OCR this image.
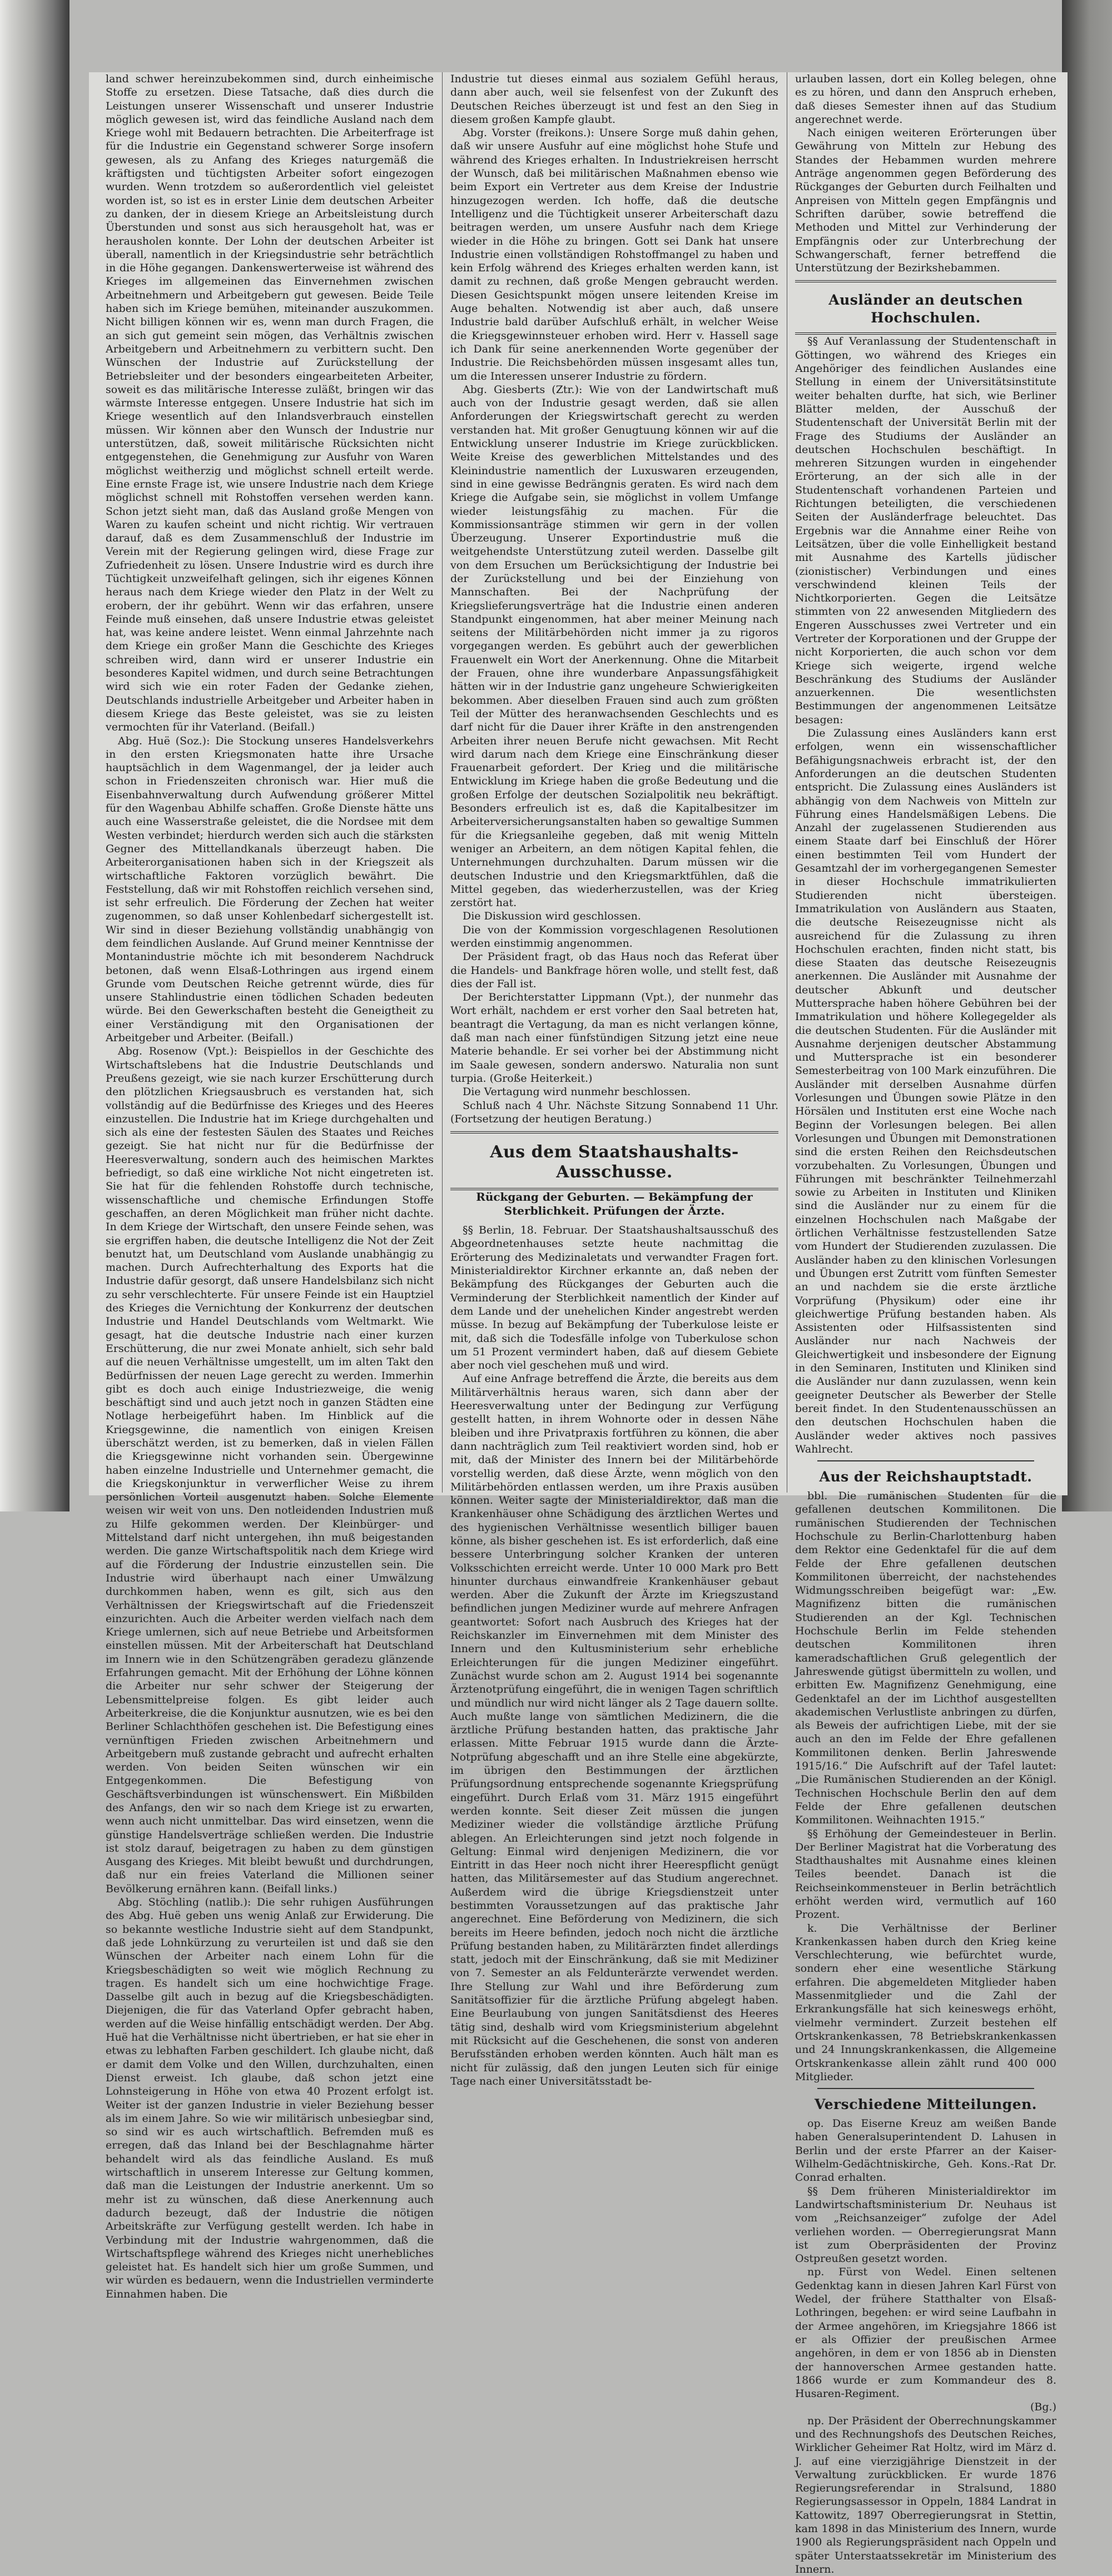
land schwer hereinzubekommen sind, durch einheimische Stoffe zu ersetzen. Diese Tatsache, daß dies durch die Leistungen unserer Wissenschaft und unserer Industrie möglich gewesen ist, wird das feindliche Ausland nach dem Kriege wohl mit Bedauern betrachten. Die Arbeiterfrage ist für die Industrie ein Gegenstand schwerer Sorge insofern gewesen, als zu Anfang des Krieges naturgemäß die kräftigsten und tüchtigsten Arbeiter sofort eingezogen wurden. Wenn trotzdem so außerordentlich viel geleistet worden ist, so ist es in erster Linie dem deutschen Arbeiter zu danken, der in diesem Kriege an Arbeitsleistung durch Überstunden und sonst aus sich herausgeholt hat, was er herausholen konnte. Der Lohn der deutschen Arbeiter ist überall, namentlich in der Kriegsindustrie sehr beträchtlich in die Höhe gegangen. Dankenswerterweise ist während des Krieges im allgemeinen das Einvernehmen zwischen Arbeitnehmern und Arbeitgebern gut gewesen. Beide Teile haben sich im Kriege bemühen, miteinander auszukommen. Nicht billigen können wir es, wenn man durch Fragen, die an sich gut gemeint sein mögen, das Verhältnis zwischen Arbeitgebern und Arbeitnehmern zu verbittern sucht. Den Wünschen der Industrie auf Zurückstellung der Betriebsleiter und der besonders eingearbeiteten Arbeiter, soweit es das militärische Interesse zuläßt, bringen wir das wärmste Interesse entgegen. Unsere Industrie hat sich im Kriege wesentlich auf den Inlandsverbrauch einstellen müssen. Wir können aber den Wunsch der Industrie nur unterstützen, daß, soweit militärische Rücksichten nicht entgegenstehen, die Genehmigung zur Ausfuhr von Waren möglichst weitherzig und möglichst schnell erteilt werde. Eine ernste Frage ist, wie unsere Industrie nach dem Kriege möglichst schnell mit Rohstoffen versehen werden kann. Schon jetzt sieht man, daß das Ausland große Mengen von Waren zu kaufen scheint und nicht richtig. Wir vertrauen darauf, daß es dem Zusammenschluß der Industrie im Verein mit der Regierung gelingen wird, diese Frage zur Zufriedenheit zu lösen. Unsere Industrie wird es durch ihre Tüchtigkeit unzweifelhaft gelingen, sich ihr eigenes Können heraus nach dem Kriege wieder den Platz in der Welt zu erobern, der ihr gebührt. Wenn wir das erfahren, unsere Feinde muß einsehen, daß unsere Industrie etwas geleistet hat, was keine andere leistet. Wenn einmal Jahrzehnte nach dem Kriege ein großer Mann die Geschichte des Krieges schreiben wird, dann wird er unserer Industrie ein besonderes Kapitel widmen, und durch seine Betrachtungen wird sich wie ein roter Faden der Gedanke ziehen, Deutschlands industrielle Arbeitgeber und Arbeiter haben in diesem Kriege das Beste geleistet, was sie zu leisten vermochten für ihr Vaterland. (Beifall.)

Abg. Huë (Soz.): Die Stockung unseres Handelsverkehrs in den ersten Kriegsmonaten hatte ihre Ursache hauptsächlich in dem Wagenmangel, der ja leider auch schon in Friedenszeiten chronisch war. Hier muß die Eisenbahnverwaltung durch Aufwendung größerer Mittel für den Wagenbau Abhilfe schaffen. Große Dienste hätte uns auch eine Wasserstraße geleistet, die die Nordsee mit dem Westen verbindet; hierdurch werden sich auch die stärksten Gegner des Mittellandkanals überzeugt haben. Die Arbeiterorganisationen haben sich in der Kriegszeit als wirtschaftliche Faktoren vorzüglich bewährt. Die Feststellung, daß wir mit Rohstoffen reichlich versehen sind, ist sehr erfreulich. Die Förderung der Zechen hat weiter zugenommen, so daß unser Kohlenbedarf sichergestellt ist. Wir sind in dieser Beziehung vollständig unabhängig von dem feindlichen Auslande. Auf Grund meiner Kenntnisse der Montanindustrie möchte ich mit besonderem Nachdruck betonen, daß wenn Elsaß-Lothringen aus irgend einem Grunde vom Deutschen Reiche getrennt würde, dies für unsere Stahlindustrie einen tödlichen Schaden bedeuten würde. Bei den Gewerkschaften besteht die Geneigtheit zu einer Verständigung mit den Organisationen der Arbeitgeber und Arbeiter. (Beifall.)

Abg. Rosenow (Vpt.): Beispiellos in der Geschichte des Wirtschaftslebens hat die Industrie Deutschlands und Preußens gezeigt, wie sie nach kurzer Erschütterung durch den plötzlichen Kriegsausbruch es verstanden hat, sich vollständig auf die Bedürfnisse des Krieges und des Heeres einzustellen. Die Industrie hat im Kriege durchgehalten und sich als eine der festesten Säulen des Staates und Reiches gezeigt. Sie hat nicht nur für die Bedürfnisse der Heeresverwaltung, sondern auch des heimischen Marktes befriedigt, so daß eine wirkliche Not nicht eingetreten ist. Sie hat für die fehlenden Rohstoffe durch technische, wissenschaftliche und chemische Erfindungen Stoffe geschaffen, an deren Möglichkeit man früher nicht dachte. In dem Kriege der Wirtschaft, den unsere Feinde sehen, was sie ergriffen haben, die deutsche Intelligenz die Not der Zeit benutzt hat, um Deutschland vom Auslande unabhängig zu machen. Durch Aufrechterhaltung des Exports hat die Industrie dafür gesorgt, daß unsere Handelsbilanz sich nicht zu sehr verschlechterte. Für unsere Feinde ist ein Hauptziel des Krieges die Vernichtung der Konkurrenz der deutschen Industrie und Handel Deutschlands vom Weltmarkt. Wie gesagt, hat die deutsche Industrie nach einer kurzen Erschütterung, die nur zwei Monate anhielt, sich sehr bald auf die neuen Verhältnisse umgestellt, um im alten Takt den Bedürfnissen der neuen Lage gerecht zu werden. Immerhin gibt es doch auch einige Industriezweige, die wenig beschäftigt sind und auch jetzt noch in ganzen Städten eine Notlage herbeigeführt haben. Im Hinblick auf die Kriegsgewinne, die namentlich von einigen Kreisen überschätzt werden, ist zu bemerken, daß in vielen Fällen die Kriegsgewinne nicht vorhanden sein. Übergewinne haben einzelne Industrielle und Unternehmer gemacht, die die Kriegskonjunktur in verwerflicher Weise zu ihrem persönlichen Vorteil ausgenutzt haben. Solche Elemente weisen wir weit von uns. Den notleidenden Industrien muß zu Hilfe gekommen werden. Der Kleinbürger- und Mittelstand darf nicht untergehen, ihn muß beigestanden werden. Die ganze Wirtschaftspolitik nach dem Kriege wird auf die Förderung der Industrie einzustellen sein. Die Industrie wird überhaupt nach einer Umwälzung durchkommen haben, wenn es gilt, sich aus den Verhältnissen der Kriegswirtschaft auf die Friedenszeit einzurichten. Auch die Arbeiter werden vielfach nach dem Kriege umlernen, sich auf neue Betriebe und Arbeitsformen einstellen müssen. Mit der Arbeiterschaft hat Deutschland im Innern wie in den Schützengräben geradezu glänzende Erfahrungen gemacht. Mit der Erhöhung der Löhne können die Arbeiter nur sehr schwer der Steigerung der Lebensmittelpreise folgen. Es gibt leider auch Arbeiterkreise, die die Konjunktur ausnutzen, wie es bei den Berliner Schlachthöfen geschehen ist. Die Befestigung eines vernünftigen Frieden zwischen Arbeitnehmern und Arbeitgebern muß zustande gebracht und aufrecht erhalten werden. Von beiden Seiten wünschen wir ein Entgegenkommen. Die Befestigung von Geschäftsverbindungen ist wünschenswert. Ein Mißbilden des Anfangs, den wir so nach dem Kriege ist zu erwarten, wenn auch nicht unmittelbar. Das wird einsetzen, wenn die günstige Handelsverträge schließen werden. Die Industrie ist stolz darauf, beigetragen zu haben zu dem günstigen Ausgang des Krieges. Mit bleibt bewußt und durchdrungen, daß nur ein freies Vaterland die Millionen seiner Bevölkerung ernähren kann. (Beifall links.)

Abg. Stöchling (natlib.): Die sehr ruhigen Ausführungen des Abg. Huë geben uns wenig Anlaß zur Erwiderung. Die so bekannte westliche Industrie sieht auf dem Standpunkt, daß jede Lohnkürzung zu verurteilen ist und daß sie den Wünschen der Arbeiter nach einem Lohn für die Kriegsbeschädigten so weit wie möglich Rechnung zu tragen. Es handelt sich um eine hochwichtige Frage. Dasselbe gilt auch in bezug auf die Kriegsbeschädigten. Diejenigen, die für das Vaterland Opfer gebracht haben, werden auf die Weise hinfällig entschädigt werden. Der Abg. Huë hat die Verhältnisse nicht übertrieben, er hat sie eher in etwas zu lebhaften Farben geschildert. Ich glaube nicht, daß er damit dem Volke und den Willen, durchzuhalten, einen Dienst erweist. Ich glaube, daß schon jetzt eine Lohnsteigerung in Höhe von etwa 40 Prozent erfolgt ist. Weiter ist der ganzen Industrie in vieler Beziehung besser als im einem Jahre. So wie wir militärisch unbesiegbar sind, so sind wir es auch wirtschaftlich. Befremden muß es erregen, daß das Inland bei der Beschlagnahme härter behandelt wird als das feindliche Ausland. Es muß wirtschaftlich in unserem Interesse zur Geltung kommen, daß man die Leistungen der Industrie anerkennt. Um so mehr ist zu wünschen, daß diese Anerkennung auch dadurch bezeugt, daß der Industrie die nötigen Arbeitskräfte zur Verfügung gestellt werden. Ich habe in Verbindung mit der Industrie wahrgenommen, daß die Wirtschaftspflege während des Krieges nicht unerhebliches geleistet hat. Es handelt sich hier um große Summen, und wir würden es bedauern, wenn die Industriellen verminderte Einnahmen haben. Die

Industrie tut dieses einmal aus sozialem Gefühl heraus, dann aber auch, weil sie felsenfest von der Zukunft des Deutschen Reiches überzeugt ist und fest an den Sieg in diesem großen Kampfe glaubt.

Abg. Vorster (freikons.): Unsere Sorge muß dahin gehen, daß wir unsere Ausfuhr auf eine möglichst hohe Stufe und während des Krieges erhalten. In Industriekreisen herrscht der Wunsch, daß bei militärischen Maßnahmen ebenso wie beim Export ein Vertreter aus dem Kreise der Industrie hinzugezogen werden. Ich hoffe, daß die deutsche Intelligenz und die Tüchtigkeit unserer Arbeiterschaft dazu beitragen werden, um unsere Ausfuhr nach dem Kriege wieder in die Höhe zu bringen. Gott sei Dank hat unsere Industrie einen vollständigen Rohstoffmangel zu haben und kein Erfolg während des Krieges erhalten werden kann, ist damit zu rechnen, daß große Mengen gebraucht werden. Diesen Gesichtspunkt mögen unsere leitenden Kreise im Auge behalten. Notwendig ist aber auch, daß unsere Industrie bald darüber Aufschluß erhält, in welcher Weise die Kriegsgewinnsteuer erhoben wird. Herr v. Hassell sage ich Dank für seine anerkennenden Worte gegenüber der Industrie. Die Reichsbehörden müssen insgesamt alles tun, um die Interessen unserer Industrie zu fördern.

Abg. Giesberts (Ztr.): Wie von der Landwirtschaft muß auch von der Industrie gesagt werden, daß sie allen Anforderungen der Kriegswirtschaft gerecht zu werden verstanden hat. Mit großer Genugtuung können wir auf die Entwicklung unserer Industrie im Kriege zurückblicken. Weite Kreise des gewerblichen Mittelstandes und des Kleinindustrie namentlich der Luxuswaren erzeugenden, sind in eine gewisse Bedrängnis geraten. Es wird nach dem Kriege die Aufgabe sein, sie möglichst in vollem Umfange wieder leistungsfähig zu machen. Für die Kommissionsanträge stimmen wir gern in der vollen Überzeugung. Unserer Exportindustrie muß die weitgehendste Unterstützung zuteil werden. Dasselbe gilt von dem Ersuchen um Berücksichtigung der Industrie bei der Zurückstellung und bei der Einziehung von Mannschaften. Bei der Nachprüfung der Kriegslieferungsverträge hat die Industrie einen anderen Standpunkt eingenommen, hat aber meiner Meinung nach seitens der Militärbehörden nicht immer ja zu rigoros vorgegangen werden. Es gebührt auch der gewerblichen Frauenwelt ein Wort der Anerkennung. Ohne die Mitarbeit der Frauen, ohne ihre wunderbare Anpassungsfähigkeit hätten wir in der Industrie ganz ungeheure Schwierigkeiten bekommen. Aber dieselben Frauen sind auch zum größten Teil der Mütter des heranwachsenden Geschlechts und es darf nicht für die Dauer ihrer Kräfte in den anstrengenden Arbeiten ihrer neuen Berufe nicht gewachsen. Mit Recht wird darum nach dem Kriege eine Einschränkung dieser Frauenarbeit gefordert. Der Krieg und die militärische Entwicklung im Kriege haben die große Bedeutung und die großen Erfolge der deutschen Sozialpolitik neu bekräftigt. Besonders erfreulich ist es, daß die Kapitalbesitzer im Arbeiterversicherungsanstalten haben so gewaltige Summen für die Kriegsanleihe gegeben, daß mit wenig Mitteln weniger an Arbeitern, an dem nötigen Kapital fehlen, die Unternehmungen durchzuhalten. Darum müssen wir die deutschen Industrie und den Kriegsmarktfühlen, daß die Mittel gegeben, das wiederherzustellen, was der Krieg zerstört hat.

Die Diskussion wird geschlossen.

Die von der Kommission vorgeschlagenen Resolutionen werden einstimmig angenommen.

Der Präsident fragt, ob das Haus noch das Referat über die Handels- und Bankfrage hören wolle, und stellt fest, daß dies der Fall ist.

Der Berichterstatter Lippmann (Vpt.), der nunmehr das Wort erhält, nachdem er erst vorher den Saal betreten hat, beantragt die Vertagung, da man es nicht verlangen könne, daß man nach einer fünfstündigen Sitzung jetzt eine neue Materie behandle. Er sei vorher bei der Abstimmung nicht im Saale gewesen, sondern anderswo. Naturalia non sunt turpia. (Große Heiterkeit.)

Die Vertagung wird nunmehr beschlossen.

Schluß nach 4 Uhr. Nächste Sitzung Sonnabend 11 Uhr. (Fortsetzung der heutigen Beratung.)

Aus dem Staatshaushalts-Ausschusse.
Rückgang der Geburten. — Bekämpfung der Sterblichkeit. Prüfungen der Ärzte.

§§ Berlin, 18. Februar. Der Staatshaushaltsausschuß des Abgeordnetenhauses setzte heute nachmittag die Erörterung des Medizinaletats und verwandter Fragen fort. Ministerialdirektor Kirchner erkannte an, daß neben der Bekämpfung des Rückganges der Geburten auch die Verminderung der Sterblichkeit namentlich der Kinder auf dem Lande und der unehelichen Kinder angestrebt werden müsse. In bezug auf Bekämpfung der Tuberkulose leiste er mit, daß sich die Todesfälle infolge von Tuberkulose schon um 51 Prozent vermindert haben, daß auf diesem Gebiete aber noch viel geschehen muß und wird.

Auf eine Anfrage betreffend die Ärzte, die bereits aus dem Militärverhältnis heraus waren, sich dann aber der Heeresverwaltung unter der Bedingung zur Verfügung gestellt hatten, in ihrem Wohnorte oder in dessen Nähe bleiben und ihre Privatpraxis fortführen zu können, die aber dann nachträglich zum Teil reaktiviert worden sind, hob er mit, daß der Minister des Innern bei der Militärbehörde vorstellig werden, daß diese Ärzte, wenn möglich von den Militärbehörden entlassen werden, um ihre Praxis ausüben können. Weiter sagte der Ministerialdirektor, daß man die Krankenhäuser ohne Schädigung des ärztlichen Wertes und des hygienischen Verhältnisse wesentlich billiger bauen könne, als bisher geschehen ist. Es ist erforderlich, daß eine bessere Unterbringung solcher Kranken der unteren Volksschichten erreicht werde. Unter 10 000 Mark pro Bett hinunter durchaus einwandfreie Krankenhäuser gebaut werden. Aber die Zukunft der Ärzte im Kriegszustand befindlichen jungen Mediziner wurde auf mehrere Anfragen geantwortet: Sofort nach Ausbruch des Krieges hat der Reichskanzler im Einvernehmen mit dem Minister des Innern und den Kultusministerium sehr erhebliche Erleichterungen für die jungen Mediziner eingeführt. Zunächst wurde schon am 2. August 1914 bei sogenannte Ärztenotprüfung eingeführt, die in wenigen Tagen schriftlich und mündlich nur wird nicht länger als 2 Tage dauern sollte. Auch mußte lange von sämtlichen Medizinern, die die ärztliche Prüfung bestanden hatten, das praktische Jahr erlassen. Mitte Februar 1915 wurde dann die Ärzte-Notprüfung abgeschafft und an ihre Stelle eine abgekürzte, im übrigen den Bestimmungen der ärztlichen Prüfungsordnung entsprechende sogenannte Kriegsprüfung eingeführt. Durch Erlaß vom 31. März 1915 eingeführt werden konnte. Seit dieser Zeit müssen die jungen Mediziner wieder die vollständige ärztliche Prüfung ablegen. An Erleichterungen sind jetzt noch folgende in Geltung: Einmal wird denjenigen Medizinern, die vor Eintritt in das Heer noch nicht ihrer Heerespflicht genügt hatten, das Militärsemester auf das Studium angerechnet. Außerdem wird die übrige Kriegsdienstzeit unter bestimmten Voraussetzungen auf das praktische Jahr angerechnet. Eine Beförderung von Medizinern, die sich bereits im Heere befinden, jedoch noch nicht die ärztliche Prüfung bestanden haben, zu Militärärzten findet allerdings statt, jedoch mit der Einschränkung, daß sie mit Mediziner von 7. Semester an als Feldunterärzte verwendet werden. Ihre Stellung zur Wahl und ihre Beförderung zum Sanitätsoffizier für die ärztliche Prüfung abgelegt haben. Eine Beurlaubung von jungen Sanitätsdienst des Heeres tätig sind, deshalb wird vom Kriegsministerium abgelehnt mit Rücksicht auf die Geschehenen, die sonst von anderen Berufsständen erhoben werden könnten. Auch hält man es nicht für zulässig, daß den jungen Leuten sich für einige Tage nach einer Universitätsstadt be-

urlauben lassen, dort ein Kolleg belegen, ohne es zu hören, und dann den Anspruch erheben, daß dieses Semester ihnen auf das Studium angerechnet werde.

Nach einigen weiteren Erörterungen über Gewährung von Mitteln zur Hebung des Standes der Hebammen wurden mehrere Anträge angenommen gegen Beförderung des Rückganges der Geburten durch Feilhalten und Anpreisen von Mitteln gegen Empfängnis und Schriften darüber, sowie betreffend die Methoden und Mittel zur Verhinderung der Empfängnis oder zur Unterbrechung der Schwangerschaft, ferner betreffend die Unterstützung der Bezirkshebammen.

Ausländer an deutschen Hochschulen.

§§ Auf Veranlassung der Studentenschaft in Göttingen, wo während des Krieges ein Angehöriger des feindlichen Auslandes eine Stellung in einem der Universitätsinstitute weiter behalten durfte, hat sich, wie Berliner Blätter melden, der Ausschuß der Studentenschaft der Universität Berlin mit der Frage des Studiums der Ausländer an deutschen Hochschulen beschäftigt. In mehreren Sitzungen wurden in eingehender Erörterung, an der sich alle in der Studentenschaft vorhandenen Parteien und Richtungen beteiligten, die verschiedenen Seiten der Ausländerfrage beleuchtet. Das Ergebnis war die Annahme einer Reihe von Leitsätzen, über die volle Einhelligkeit bestand mit Ausnahme des Kartells jüdischer (zionistischer) Verbindungen und eines verschwindend kleinen Teils der Nichtkorporierten. Gegen die Leitsätze stimmten von 22 anwesenden Mitgliedern des Engeren Ausschusses zwei Vertreter und ein Vertreter der Korporationen und der Gruppe der nicht Korporierten, die auch schon vor dem Kriege sich weigerte, irgend welche Beschränkung des Studiums der Ausländer anzuerkennen. Die wesentlichsten Bestimmungen der angenommenen Leitsätze besagen:

Die Zulassung eines Ausländers kann erst erfolgen, wenn ein wissenschaftlicher Befähigungsnachweis erbracht ist, der den Anforderungen an die deutschen Studenten entspricht. Die Zulassung eines Ausländers ist abhängig von dem Nachweis von Mitteln zur Führung eines Handelsmäßigen Lebens. Die Anzahl der zugelassenen Studierenden aus einem Staate darf bei Einschluß der Hörer einen bestimmten Teil vom Hundert der Gesamtzahl der im vorhergegangenen Semester in dieser Hochschule immatrikulierten Studierenden nicht übersteigen. Immatrikulation von Ausländern aus Staaten, die deutsche Reisezeugnisse nicht als ausreichend für die Zulassung zu ihren Hochschulen erachten, finden nicht statt, bis diese Staaten das deutsche Reisezeugnis anerkennen. Die Ausländer mit Ausnahme der deutscher Abkunft und deutscher Muttersprache haben höhere Gebühren bei der Immatrikulation und höhere Kollegegelder als die deutschen Studenten. Für die Ausländer mit Ausnahme derjenigen deutscher Abstammung und Muttersprache ist ein besonderer Semesterbeitrag von 100 Mark einzuführen. Die Ausländer mit derselben Ausnahme dürfen Vorlesungen und Übungen sowie Plätze in den Hörsälen und Instituten erst eine Woche nach Beginn der Vorlesungen belegen. Bei allen Vorlesungen und Übungen mit Demonstrationen sind die ersten Reihen den Reichsdeutschen vorzubehalten. Zu Vorlesungen, Übungen und Führungen mit beschränkter Teilnehmerzahl sowie zu Arbeiten in Instituten und Kliniken sind die Ausländer nur zu einem für die einzelnen Hochschulen nach Maßgabe der örtlichen Verhältnisse festzustellenden Satze vom Hundert der Studierenden zuzulassen. Die Ausländer haben zu den klinischen Vorlesungen und Übungen erst Zutritt vom fünften Semester an und nachdem sie die erste ärztliche Vorprüfung (Physikum) oder eine ihr gleichwertige Prüfung bestanden haben. Als Assistenten oder Hilfsassistenten sind Ausländer nur nach Nachweis der Gleichwertigkeit und insbesondere der Eignung in den Seminaren, Instituten und Kliniken sind die Ausländer nur dann zuzulassen, wenn kein geeigneter Deutscher als Bewerber der Stelle bereit findet. In den Studentenausschüssen an den deutschen Hochschulen haben die Ausländer weder aktives noch passives Wahlrecht.

Aus der Reichshauptstadt.

bbl. Die rumänischen Studenten für die gefallenen deutschen Kommilitonen. Die rumänischen Studierenden der Technischen Hochschule zu Berlin-Charlottenburg haben dem Rektor eine Gedenktafel für die auf dem Felde der Ehre gefallenen deutschen Kommilitonen überreicht, der nachstehendes Widmungsschreiben beigefügt war: „Ew. Magnifizenz bitten die rumänischen Studierenden an der Kgl. Technischen Hochschule Berlin im Felde stehenden deutschen Kommilitonen ihren kameradschaftlichen Gruß gelegentlich der Jahreswende gütigst übermitteln zu wollen, und erbitten Ew. Magnifizenz Genehmigung, eine Gedenktafel an der im Lichthof ausgestellten akademischen Verlustliste anbringen zu dürfen, als Beweis der aufrichtigen Liebe, mit der sie auch an den im Felde der Ehre gefallenen Kommilitonen denken. Berlin Jahreswende 1915/16.“ Die Aufschrift auf der Tafel lautet: „Die Rumänischen Studierenden an der Königl. Technischen Hochschule Berlin den auf dem Felde der Ehre gefallenen deutschen Kommilitonen. Weihnachten 1915.“

§§ Erhöhung der Gemeindesteuer in Berlin. Der Berliner Magistrat hat die Vorberatung des Stadthaushaltes mit Ausnahme eines kleinen Teiles beendet. Danach ist die Reichseinkommensteuer in Berlin beträchtlich erhöht werden wird, vermutlich auf 160 Prozent.

k. Die Verhältnisse der Berliner Krankenkassen haben durch den Krieg keine Verschlechterung, wie befürchtet wurde, sondern eher eine wesentliche Stärkung erfahren. Die abgemeldeten Mitglieder haben Massenmitglieder und die Zahl der Erkrankungsfälle hat sich keineswegs erhöht, vielmehr vermindert. Zurzeit bestehen elf Ortskrankenkassen, 78 Betriebskrankenkassen und 24 Innungskrankenkassen, die Allgemeine Ortskrankenkasse allein zählt rund 400 000 Mitglieder.

Verschiedene Mitteilungen.

op. Das Eiserne Kreuz am weißen Bande haben Generalsuperintendent D. Lahusen in Berlin und der erste Pfarrer an der Kaiser-Wilhelm-Gedächtniskirche, Geh. Kons.-Rat Dr. Conrad erhalten.

§§ Dem früheren Ministerialdirektor im Landwirtschaftsministerium Dr. Neuhaus ist vom „Reichsanzeiger“ zufolge der Adel verliehen worden. — Oberregierungsrat Mann ist zum Oberpräsidenten der Provinz Ostpreußen gesetzt worden.

np. Fürst von Wedel. Einen seltenen Gedenktag kann in diesen Jahren Karl Fürst von Wedel, der frühere Statthalter von Elsaß-Lothringen, begehen: er wird seine Laufbahn in der Armee angehören, im Kriegsjahre 1866 ist er als Offizier der preußischen Armee angehören, in dem er von 1856 ab in Diensten der hannoverschen Armee gestanden hatte. 1866 wurde er zum Kommandeur des 8. Husaren-Regiment.

(Bg.)

np. Der Präsident der Oberrechnungskammer und des Rechnungshofs des Deutschen Reiches, Wirklicher Geheimer Rat Holtz, wird im März d. J. auf eine vierzigjährige Dienstzeit in der Verwaltung zurückblicken. Er wurde 1876 Regierungsreferendar in Stralsund, 1880 Regierungsassessor in Oppeln, 1884 Landrat in Kattowitz, 1897 Oberregierungsrat in Stettin, kam 1898 in das Ministerium des Innern, wurde 1900 als Regierungspräsident nach Oppeln und später Unterstaatssekretär im Ministerium des Innern.
